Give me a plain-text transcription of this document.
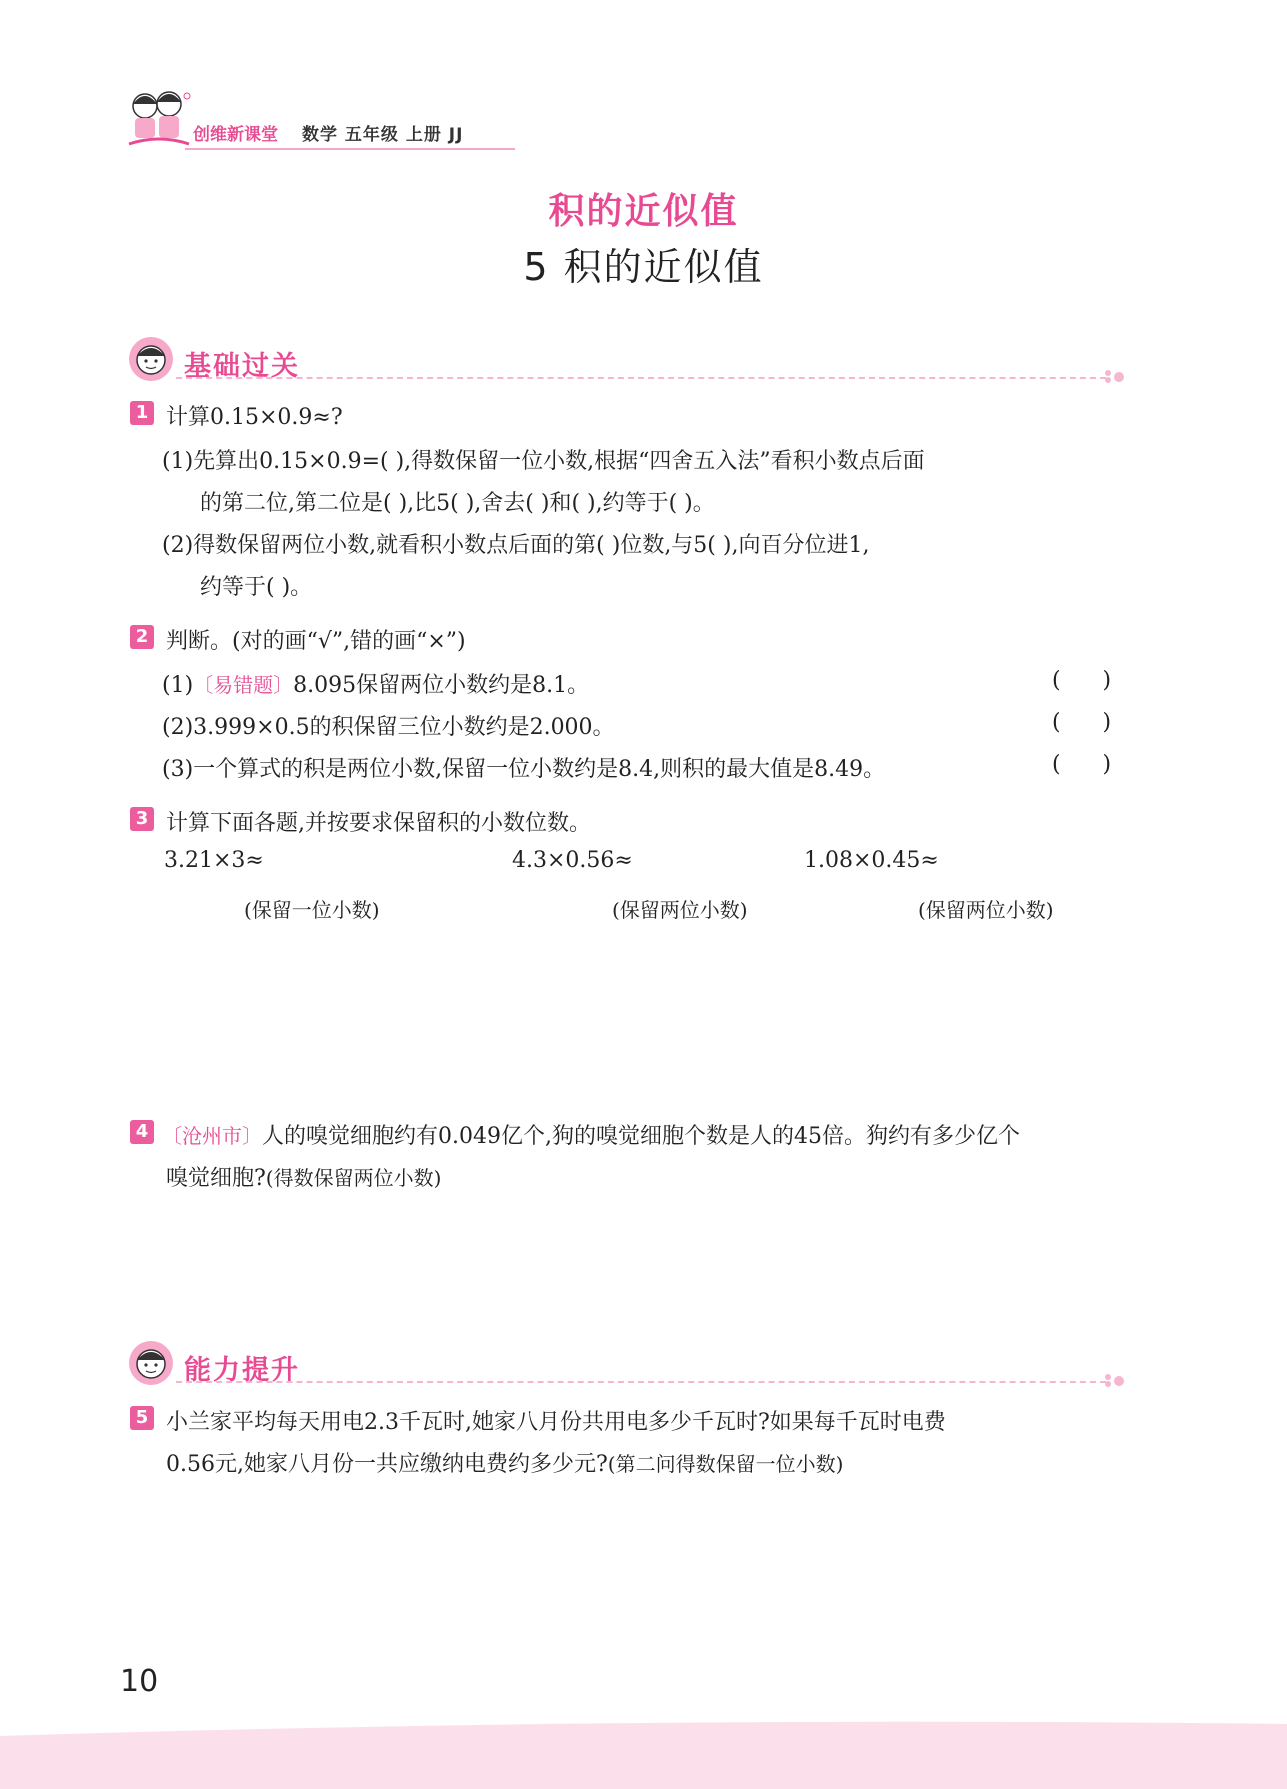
创维新课堂 数学 五年级 上册 JJ
积的近似值
5 积的近似值
基础过关
1 计算0.15×0.9≈?
(1)先算出0.15×0.9=( ),得数保留一位小数,根据“四舍五入法”看积小数点后面
的第二位,第二位是( ),比5( ),舍去( )和( ),约等于( )。
(2)得数保留两位小数,就看积小数点后面的第( )位数,与5( ),向百分位进1,
约等于( )。
2 判断。(对的画“√”,错的画“×”)
(1)〔易错题〕8.095保留两位小数约是8.1。	(      )
(2)3.999×0.5的积保留三位小数约是2.000。	(      )
(3)一个算式的积是两位小数,保留一位小数约是8.4,则积的最大值是8.49。	(      )
3 计算下面各题,并按要求保留积的小数位数。
3.21×3≈	4.3×0.56≈	1.08×0.45≈
(保留一位小数)	(保留两位小数)	(保留两位小数)
4 〔沧州市〕人的嗅觉细胞约有0.049亿个,狗的嗅觉细胞个数是人的45倍。狗约有多少亿个
嗅觉细胞?(得数保留两位小数)
能力提升
5 小兰家平均每天用电2.3千瓦时,她家八月份共用电多少千瓦时?如果每千瓦时电费
0.56元,她家八月份一共应缴纳电费约多少元?(第二问得数保留一位小数)
10
